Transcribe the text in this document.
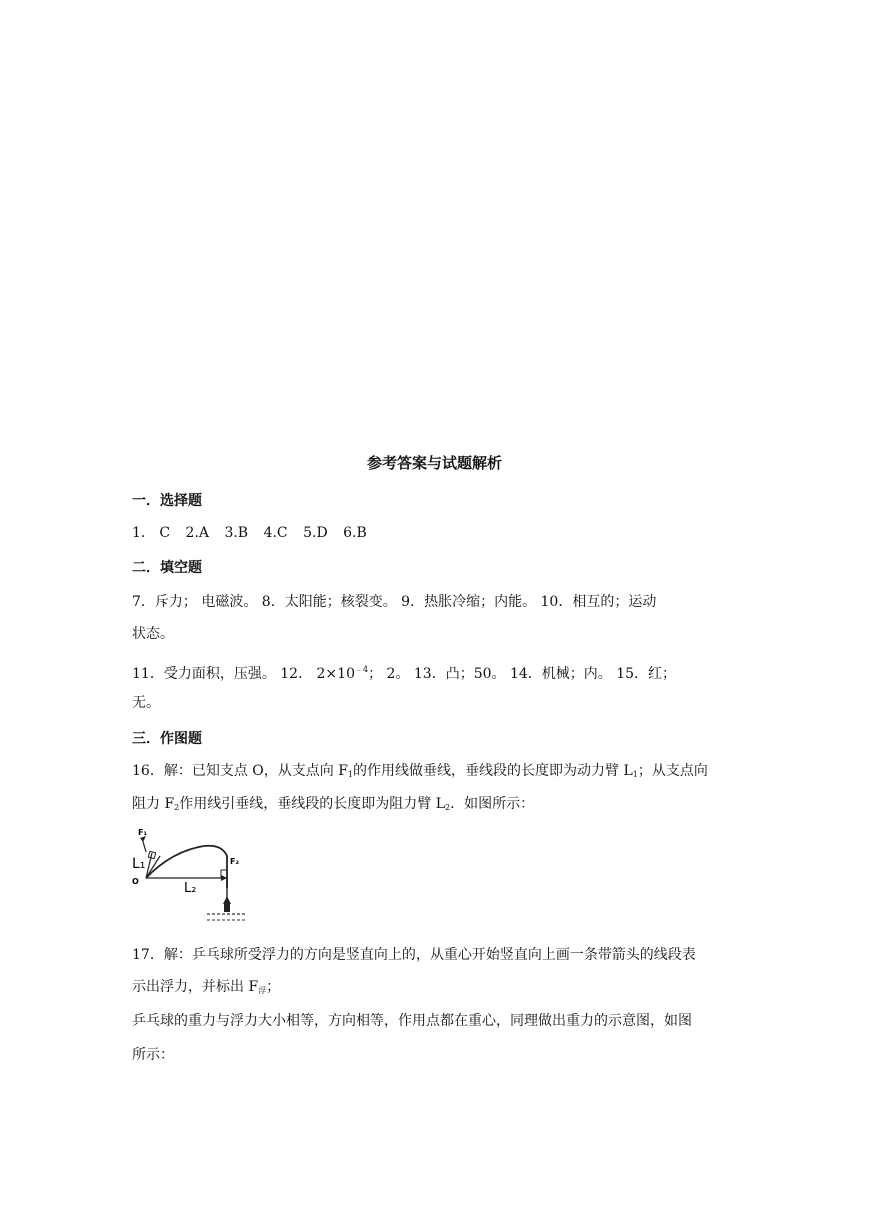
参考答案与试题解析
一．选择题
1． C 2.A 3.B 4.C 5.D 6.B
二．填空题
7．斥力； 电磁波。 8．太阳能；核裂变。 9．热胀冷缩；内能。 10．相互的；运动
状态。
11．受力面积，压强。 12． $2\times 10^{﹣4}$； 2。 13．凸；50。 14．机械；内。 15．红；
无。
三．作图题
16．解：已知支点 O，从支点向 $F_1$的作用线做垂线，垂线段的长度即为动力臂 $L_1$；从支点向
阻力 $F_2$作用线引垂线，垂线段的长度即为阻力臂 $L_2$．如图所示：
F₁
L₁
L₂
O
F₂
17．解：乒乓球所受浮力的方向是竖直向上的，从重心开始竖直向上画一条带箭头的线段表
示出浮力，并标出 $F_浮$；
乒乓球的重力与浮力大小相等，方向相等，作用点都在重心，同理做出重力的示意图，如图
所示：
